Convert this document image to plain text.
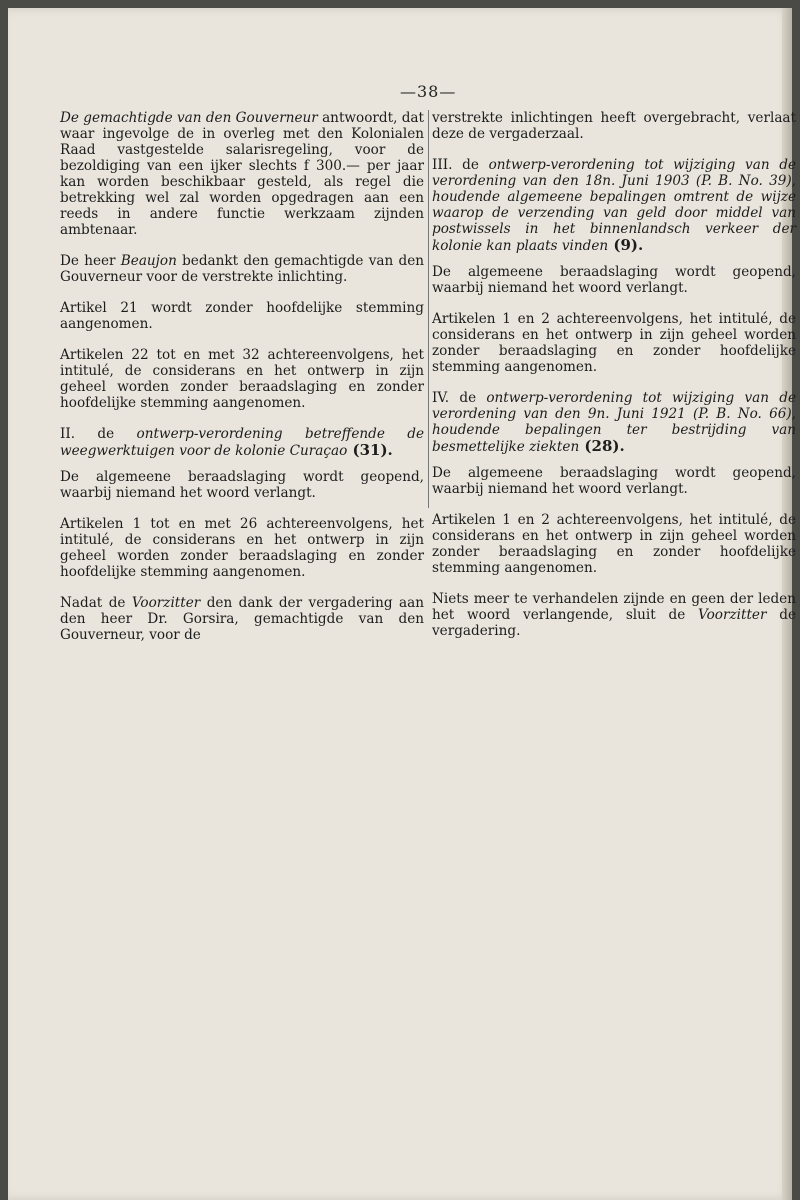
—38—

De gemachtigde van den Gouverneur antwoordt, dat waar ingevolge de in overleg met den Kolonialen Raad vastgestelde salarisregeling, voor de bezoldiging van een ijker slechts f 300.— per jaar kan worden beschikbaar gesteld, als regel die betrekking wel zal worden opgedragen aan een reeds in andere functie werkzaam zijnden ambtenaar.

De heer Beaujon bedankt den gemachtigde van den Gouverneur voor de verstrekte inlichting.

Artikel 21 wordt zonder hoofdelijke stemming aangenomen.

Artikelen 22 tot en met 32 achtereenvolgens, het intitulé, de considerans en het ontwerp in zijn geheel worden zonder beraadslaging en zonder hoofdelijke stemming aangenomen.

II. de ontwerp-verordening betreffende de weegwerktuigen voor de kolonie Curaçao (31).

De algemeene beraadslaging wordt geopend, waarbij niemand het woord verlangt.

Artikelen 1 tot en met 26 achtereenvolgens, het intitulé, de considerans en het ontwerp in zijn geheel worden zonder beraadslaging en zonder hoofdelijke stemming aangenomen.

Nadat de Voorzitter den dank der vergadering aan den heer Dr. Gorsira, gemachtigde van den Gouverneur, voor de

verstrekte inlichtingen heeft overgebracht, verlaat deze de vergaderzaal.

III. de ontwerp-verordening tot wijziging van de verordening van den 18n. Juni 1903 (P. B. No. 39), houdende algemeene bepalingen omtrent de wijze waarop de verzending van geld door middel van postwissels in het binnenlandsch verkeer der kolonie kan plaats vinden (9).

De algemeene beraadslaging wordt geopend, waarbij niemand het woord verlangt.

Artikelen 1 en 2 achtereenvolgens, het intitulé, de considerans en het ontwerp in zijn geheel worden zonder beraadslaging en zonder hoofdelijke stemming aangenomen.

IV. de ontwerp-verordening tot wijziging van de verordening van den 9n. Juni 1921 (P. B. No. 66), houdende bepalingen ter bestrijding van besmettelijke ziekten (28).

De algemeene beraadslaging wordt geopend, waarbij niemand het woord verlangt.

Artikelen 1 en 2 achtereenvolgens, het intitulé, de considerans en het ontwerp in zijn geheel worden zonder beraadslaging en zonder hoofdelijke stemming aangenomen.

Niets meer te verhandelen zijnde en geen der leden het woord verlangende, sluit de Voorzitter de vergadering.
